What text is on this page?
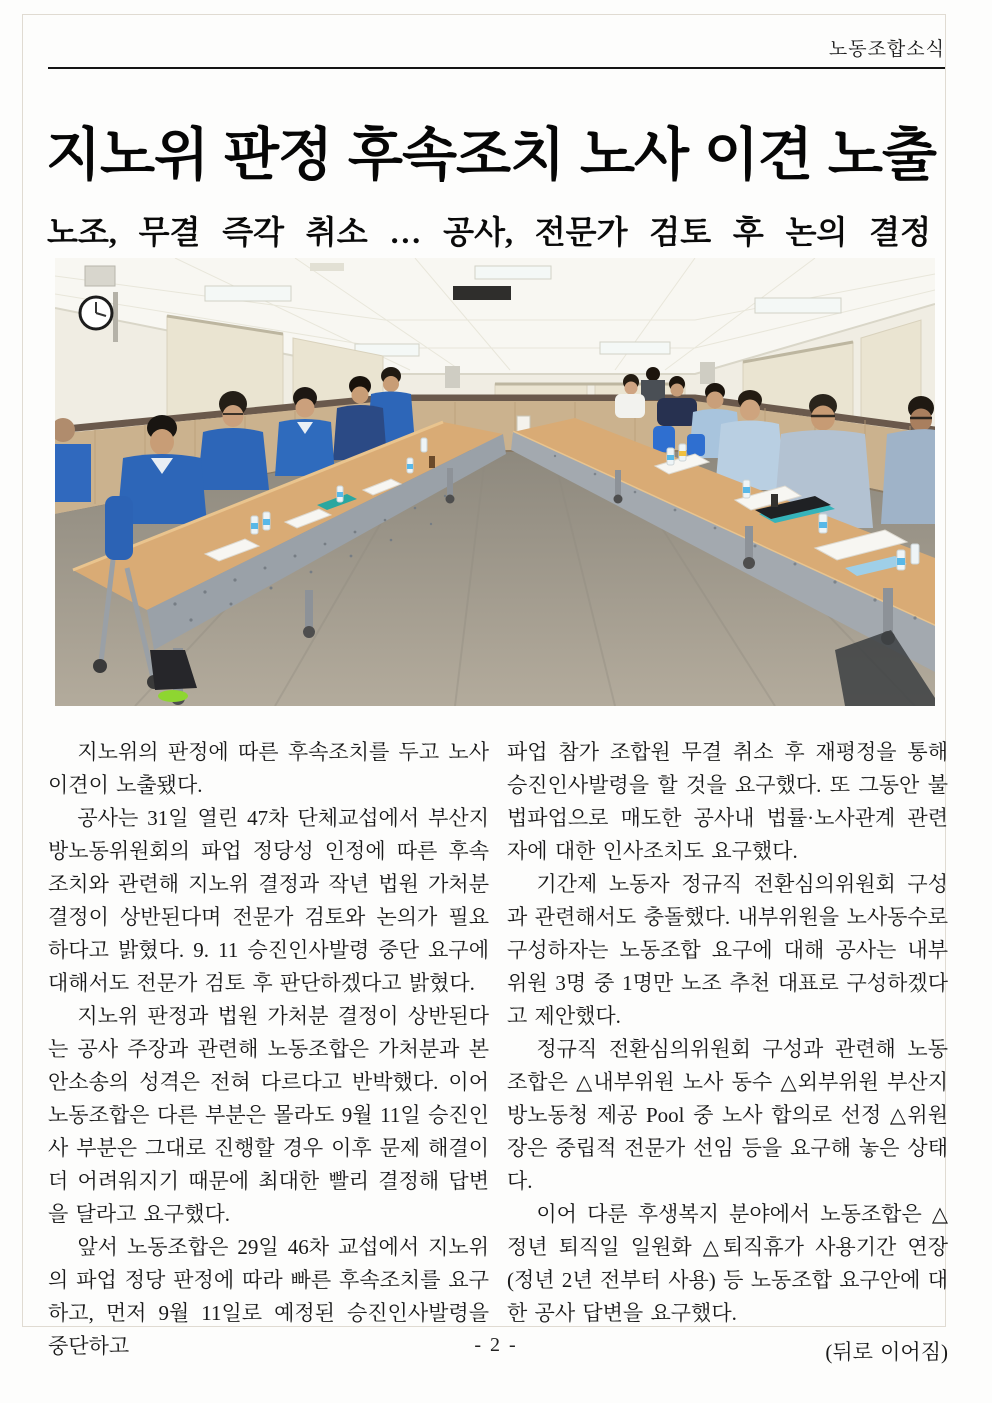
노동조합소식
지노위 판정 후속조치 노사 이견 노출
노조, 무결 즉각 취소 … 공사, 전문가 검토 후 논의 결정

지노위의 판정에 따른 후속조치를 두고 노사 이견이 노출됐다.

공사는 31일 열린 47차 단체교섭에서 부산지방노동위원회의 파업 정당성 인정에 따른 후속조치와 관련해 지노위 결정과 작년 법원 가처분 결정이 상반된다며 전문가 검토와 논의가 필요하다고 밝혔다. 9. 11 승진인사발령 중단 요구에 대해서도 전문가 검토 후 판단하겠다고 밝혔다.

지노위 판정과 법원 가처분 결정이 상반된다는 공사 주장과 관련해 노동조합은 가처분과 본안소송의 성격은 전혀 다르다고 반박했다. 이어 노동조합은 다른 부분은 몰라도 9월 11일 승진인사 부분은 그대로 진행할 경우 이후 문제 해결이 더 어려워지기 때문에 최대한 빨리 결정해 답변을 달라고 요구했다.

앞서 노동조합은 29일 46차 교섭에서 지노위의 파업 정당 판정에 따라 빠른 후속조치를 요구하고, 먼저 9월 11일로 예정된 승진인사발령을 중단하고

파업 참가 조합원 무결 취소 후 재평정을 통해 승진인사발령을 할 것을 요구했다. 또 그동안 불법파업으로 매도한 공사내 법률·노사관계 관련자에 대한 인사조치도 요구했다.

기간제 노동자 정규직 전환심의위원회 구성과 관련해서도 충돌했다. 내부위원을 노사동수로 구성하자는 노동조합 요구에 대해 공사는 내부위원 3명 중 1명만 노조 추천 대표로 구성하겠다고 제안했다.

정규직 전환심의위원회 구성과 관련해 노동조합은 △내부위원 노사 동수 △외부위원 부산지방노동청 제공 Pool 중 노사 합의로 선정 △위원장은 중립적 전문가 선임 등을 요구해 놓은 상태다.

이어 다룬 후생복지 분야에서 노동조합은 △정년 퇴직일 일원화 △퇴직휴가 사용기간 연장(정년 2년 전부터 사용) 등 노동조합 요구안에 대한 공사 답변을 요구했다.

(뒤로 이어짐)

- 2 -
